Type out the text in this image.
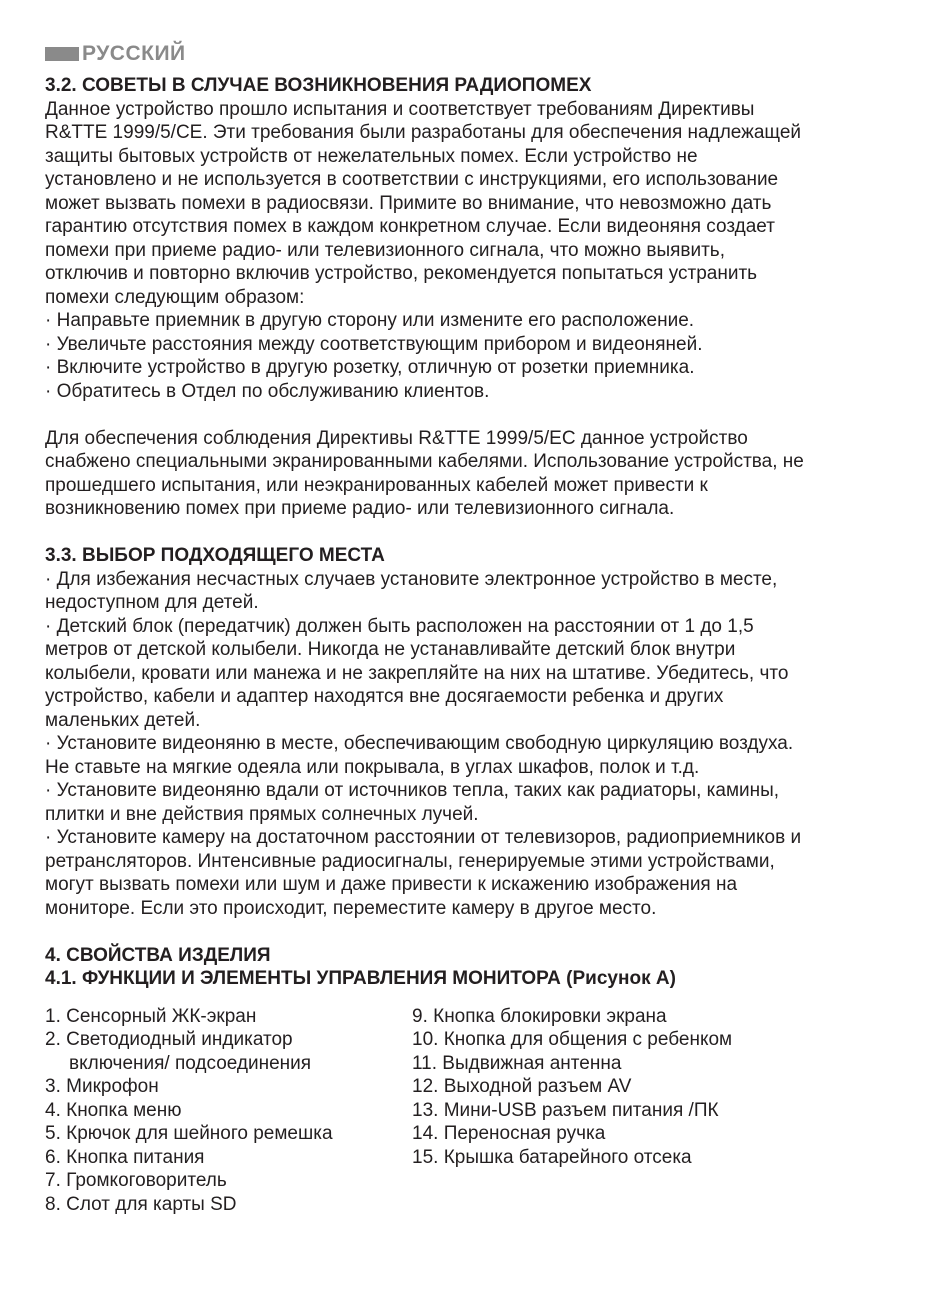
РУССКИЙ
3.2. СОВЕТЫ В СЛУЧАЕ ВОЗНИКНОВЕНИЯ РАДИОПОМЕХ
Данное устройство прошло испытания и соответствует требованиям Директивы
R&TTE 1999/5/CE. Эти требования были разработаны для обеспечения надлежащей
защиты бытовых устройств от нежелательных помех. Если устройство не
установлено и не используется в соответствии с инструкциями, его использование
может вызвать помехи в радиосвязи. Примите во внимание, что невозможно дать
гарантию отсутствия помех в каждом конкретном случае. Если видеоняня создает
помехи при приеме радио- или телевизионного сигнала, что можно выявить,
отключив и повторно включив устройство, рекомендуется попытаться устранить
помехи следующим образом:
· Направьте приемник в другую сторону или измените его расположение.
· Увеличьте расстояния между соответствующим прибором и видеоняней.
· Включите устройство в другую розетку, отличную от розетки приемника.
· Обратитесь в Отдел по обслуживанию клиентов.
Для обеспечения соблюдения Директивы R&TTE 1999/5/EC данное устройство
снабжено специальными экранированными кабелями. Использование устройства, не
прошедшего испытания, или неэкранированных кабелей может привести к
возникновению помех при приеме радио- или телевизионного сигнала.
3.3. ВЫБОР ПОДХОДЯЩЕГО МЕСТА
· Для избежания несчастных случаев установите электронное устройство в месте,
недоступном для детей.
· Детский блок (передатчик) должен быть расположен на расстоянии от 1 до 1,5
метров от детской колыбели. Никогда не устанавливайте детский блок внутри
колыбели, кровати или манежа и не закрепляйте на них на штативе. Убедитесь, что
устройство, кабели и адаптер находятся вне досягаемости ребенка и других
маленьких детей.
· Установите видеоняню в месте, обеспечивающим свободную циркуляцию воздуха.
Не ставьте на мягкие одеяла или покрывала, в углах шкафов, полок и т.д.
· Установите видеоняню вдали от источников тепла, таких как радиаторы, камины,
плитки и вне действия прямых солнечных лучей.
· Установите камеру на достаточном расстоянии от телевизоров, радиоприемников и
ретрансляторов. Интенсивные радиосигналы, генерируемые этими устройствами,
могут вызвать помехи или шум и даже привести к искажению изображения на
мониторе. Если это происходит, переместите камеру в другое место.
4. СВОЙСТВА ИЗДЕЛИЯ
4.1. ФУНКЦИИ И ЭЛЕМЕНТЫ УПРАВЛЕНИЯ МОНИТОРА (Рисунок А)
1. Сенсорный ЖК-экран
2. Светодиодный индикатор
включения/ подсоединения
3. Микрофон
4. Кнопка меню
5. Крючок для шейного ремешка
6. Кнопка питания
7. Громкоговоритель
8. Слот для карты SD
9. Кнопка блокировки экрана
10. Кнопка для общения с ребенком
11. Выдвижная антенна
12. Выходной разъем AV
13. Мини-USB разъем питания /ПК
14. Переносная ручка
15. Крышка батарейного отсека
